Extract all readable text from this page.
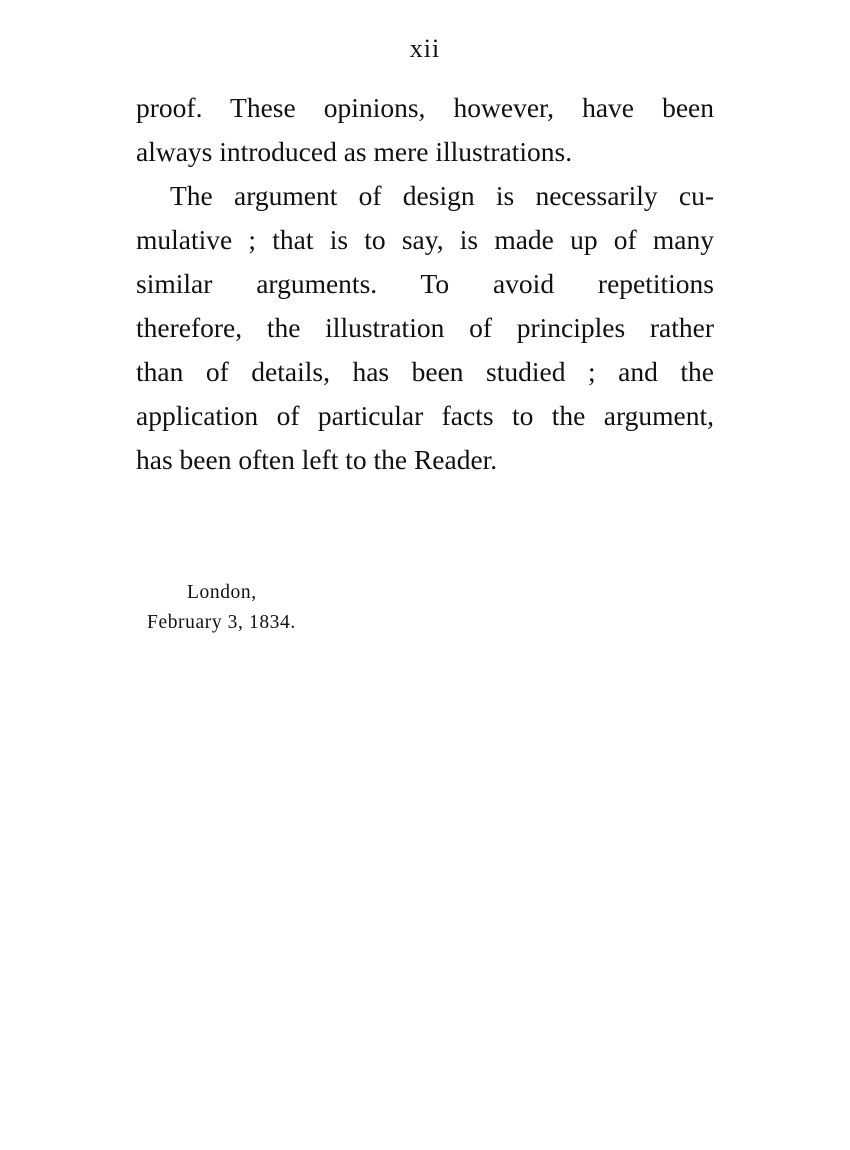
xii
proof. These opinions, however, have been
always introduced as mere illustrations.
The argument of design is necessarily cu-
mulative ; that is to say, is made up of many
similar arguments. To avoid repetitions
therefore, the illustration of principles rather
than of details, has been studied ; and the
application of particular facts to the argument,
has been often left to the Reader.
London,
February 3, 1834.
